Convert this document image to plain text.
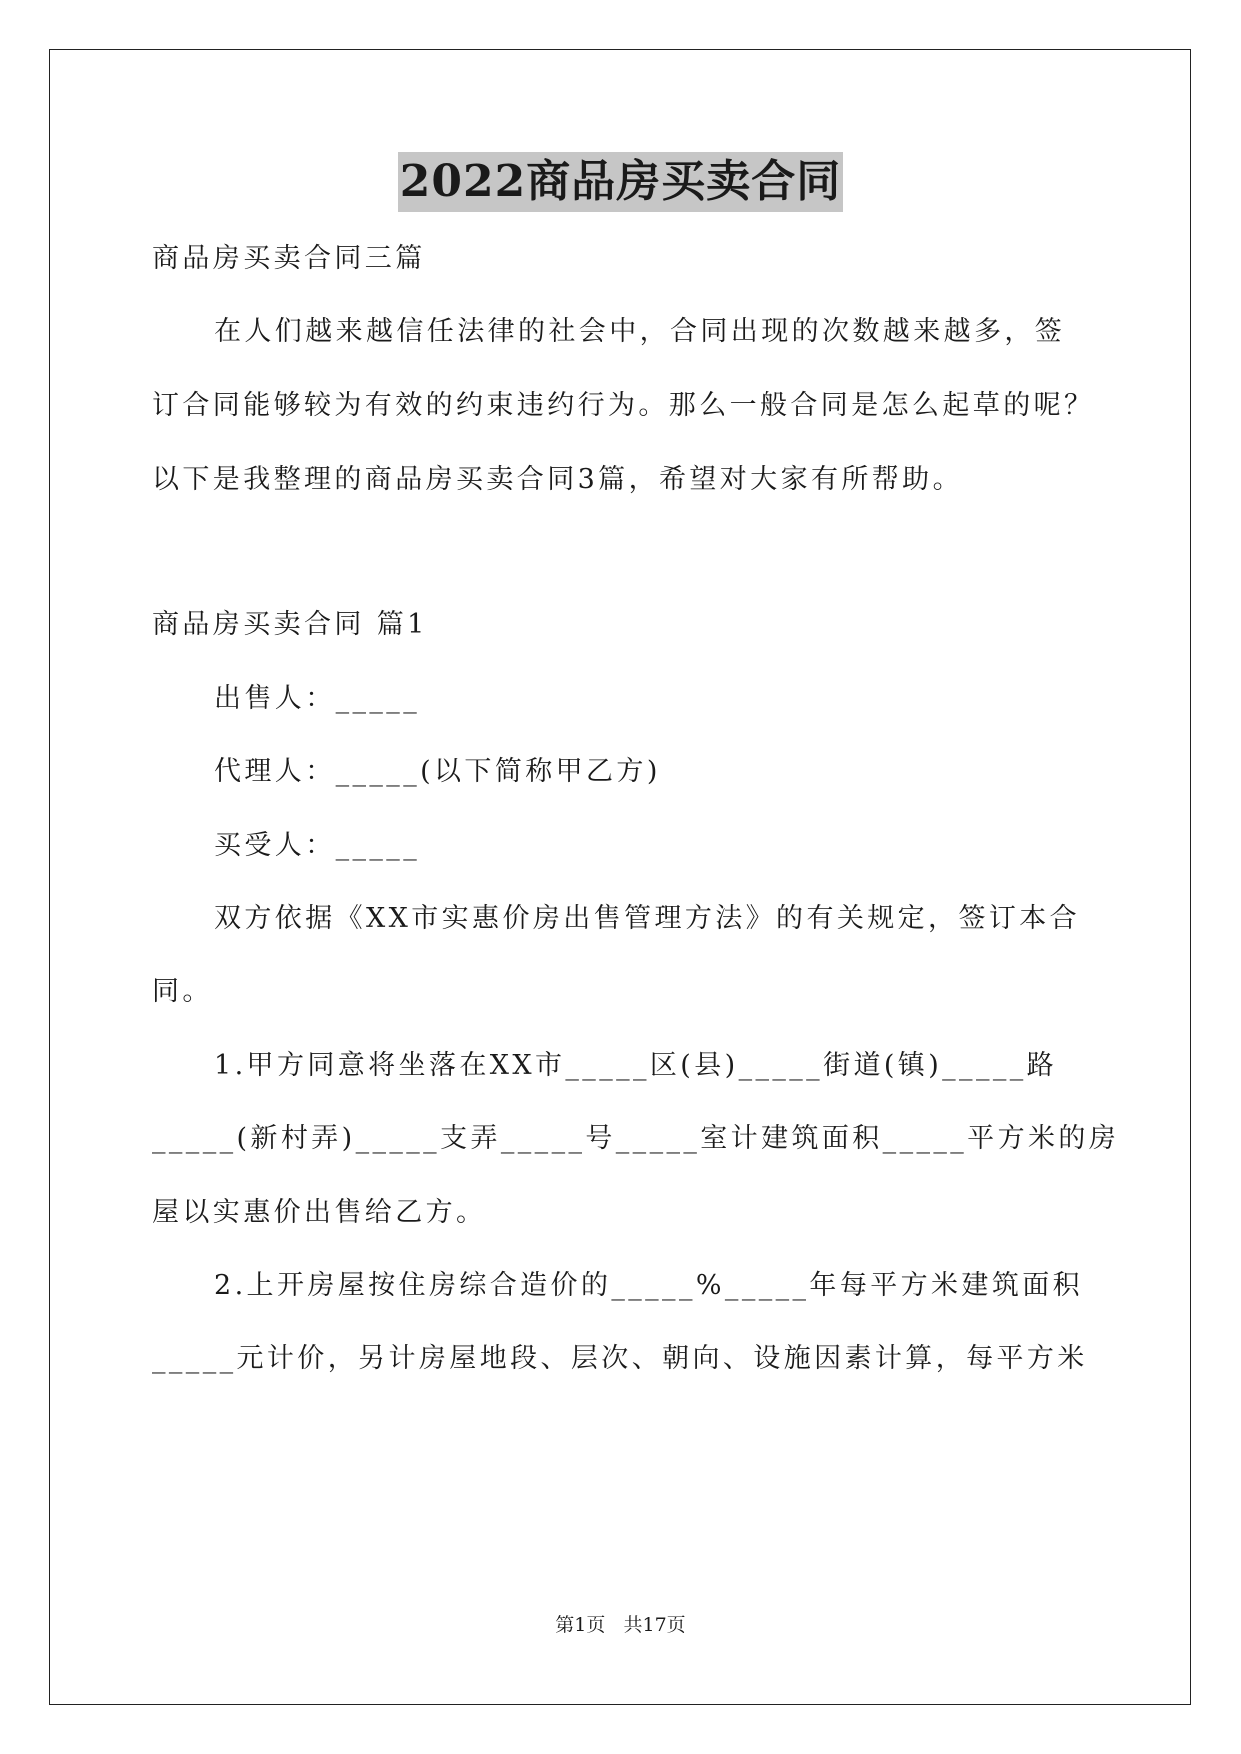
2022商品房买卖合同
商品房买卖合同三篇
在人们越来越信任法律的社会中，合同出现的次数越来越多，签
订合同能够较为有效的约束违约行为。那么一般合同是怎么起草的呢？
以下是我整理的商品房买卖合同3篇，希望对大家有所帮助。
商品房买卖合同 篇1
出售人：_____
代理人：_____(以下简称甲乙方)
买受人：_____
双方依据《XX市实惠价房出售管理方法》的有关规定，签订本合
同。
1.甲方同意将坐落在XX市_____区(县)_____街道(镇)_____路
_____(新村弄)_____支弄_____号_____室计建筑面积_____平方米的房
屋以实惠价出售给乙方。
2.上开房屋按住房综合造价的_____%_____年每平方米建筑面积
_____元计价，另计房屋地段、层次、朝向、设施因素计算，每平方米
第1页   共17页
